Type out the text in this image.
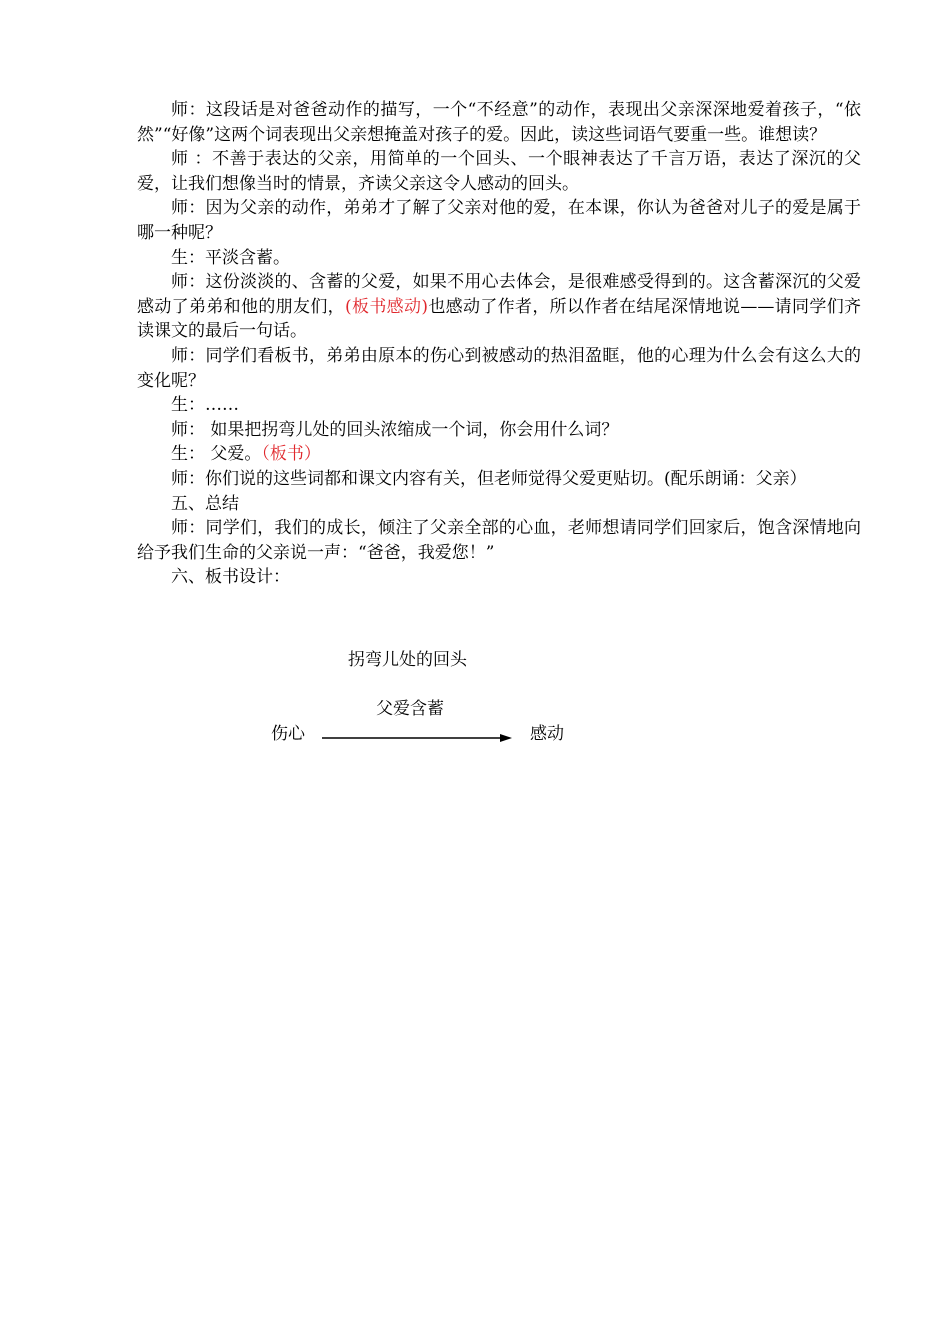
师：这段话是对爸爸动作的描写，一个“不经意”的动作，表现出父亲深深地爱着孩子，“依然”“好像”这两个词表现出父亲想掩盖对孩子的爱。因此，读这些词语气要重一些。谁想读？

师 ：不善于表达的父亲，用简单的一个回头、一个眼神表达了千言万语，表达了深沉的父爱，让我们想像当时的情景，齐读父亲这令人感动的回头。

师：因为父亲的动作，弟弟才了解了父亲对他的爱，在本课，你认为爸爸对儿子的爱是属于哪一种呢？

生：平淡含蓄。

师：这份淡淡的、含蓄的父爱，如果不用心去体会，是很难感受得到的。这含蓄深沉的父爱感动了弟弟和他的朋友们，(板书感动)也感动了作者，所以作者在结尾深情地说——请同学们齐读课文的最后一句话。

师：同学们看板书，弟弟由原本的伤心到被感动的热泪盈眶，他的心理为什么会有这么大的变化呢？

生：……

师： 如果把拐弯儿处的回头浓缩成一个词，你会用什么词？

生： 父爱。（板书）

师：你们说的这些词都和课文内容有关，但老师觉得父爱更贴切。(配乐朗诵：父亲）

五、总结

师：同学们，我们的成长，倾注了父亲全部的心血，老师想请同学们回家后，饱含深情地向给予我们生命的父亲说一声：“爸爸，我爱您！”

六、板书设计：

拐弯儿处的回头
父爱含蓄
伤心	感动
